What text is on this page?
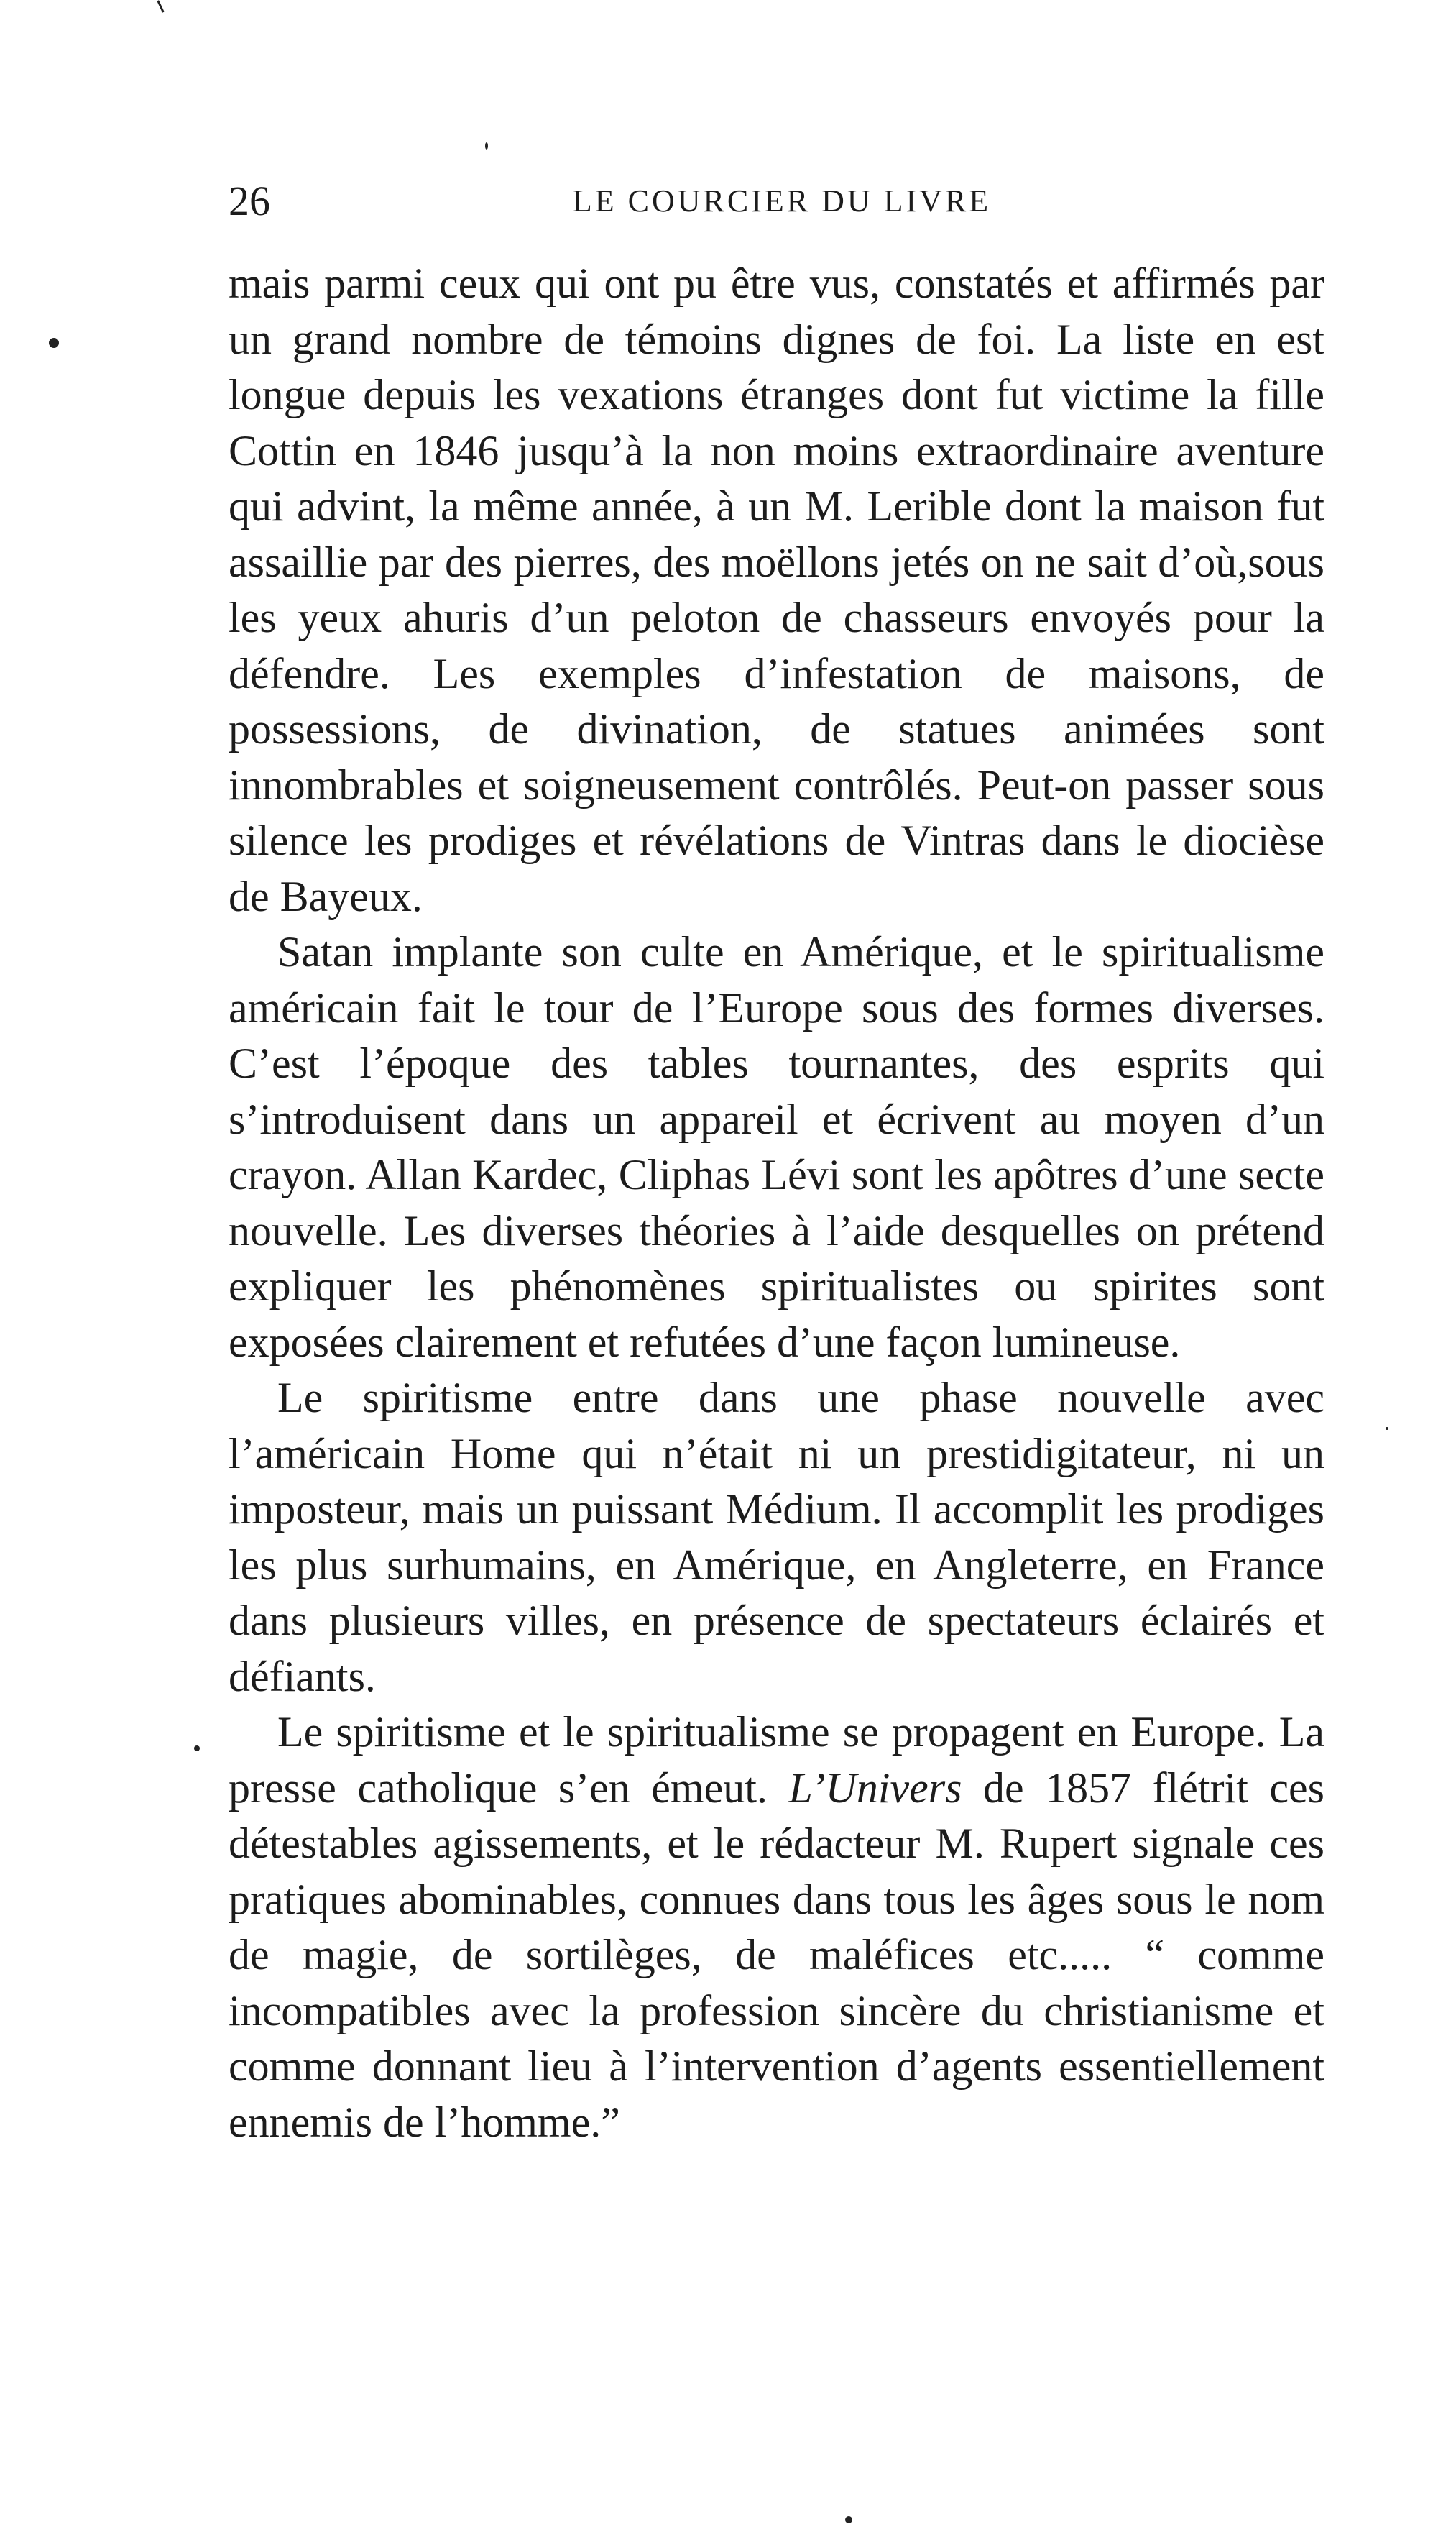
26	LE COURCIER DU LIVRE

mais parmi ceux qui ont pu être vus, constatés et affirmés par un grand nombre de témoins dignes de foi. La liste en est longue depuis les vexations étranges dont fut victime la fille Cottin en 1846 jusqu’à la non moins extraordinaire aventure qui advint, la même année, à un M. Lerible dont la maison fut assaillie par des pierres, des moëllons jetés on ne sait d’où,sous les yeux ahuris d’un peloton de chasseurs envoyés pour la défendre. Les exemples d’infestation de maisons, de possessions, de divination, de statues animées sont innombrables et soigneusement contrôlés. Peut-on passer sous silence les prodiges et révélations de Vintras dans le diocièse de Bayeux.

Satan implante son culte en Amérique, et le spiritualisme américain fait le tour de l’Europe sous des formes diverses. C’est l’époque des tables tournantes, des esprits qui s’introduisent dans un appareil et écrivent au moyen d’un crayon. Allan Kardec, Cliphas Lévi sont les apôtres d’une secte nouvelle. Les diverses théories à l’aide desquelles on prétend expliquer les phénomènes spiritualistes ou spirites sont exposées clairement et refutées d’une façon lumineuse.

Le spiritisme entre dans une phase nouvelle avec l’américain Home qui n’était ni un prestidigitateur, ni un imposteur, mais un puissant Médium. Il accomplit les prodiges les plus surhumains, en Amérique, en Angleterre, en France dans plusieurs villes, en présence de spectateurs éclairés et défiants.

Le spiritisme et le spiritualisme se propagent en Europe. La presse catholique s’en émeut. L’Univers de 1857 flétrit ces détestables agissements, et le rédacteur M. Rupert signale ces pratiques abominables, connues dans tous les âges sous le nom de magie, de sortilèges, de maléfices etc..... “ comme incompatibles avec la profession sincère du christianisme et comme donnant lieu à l’intervention d’agents essentiellement ennemis de l’homme.”
